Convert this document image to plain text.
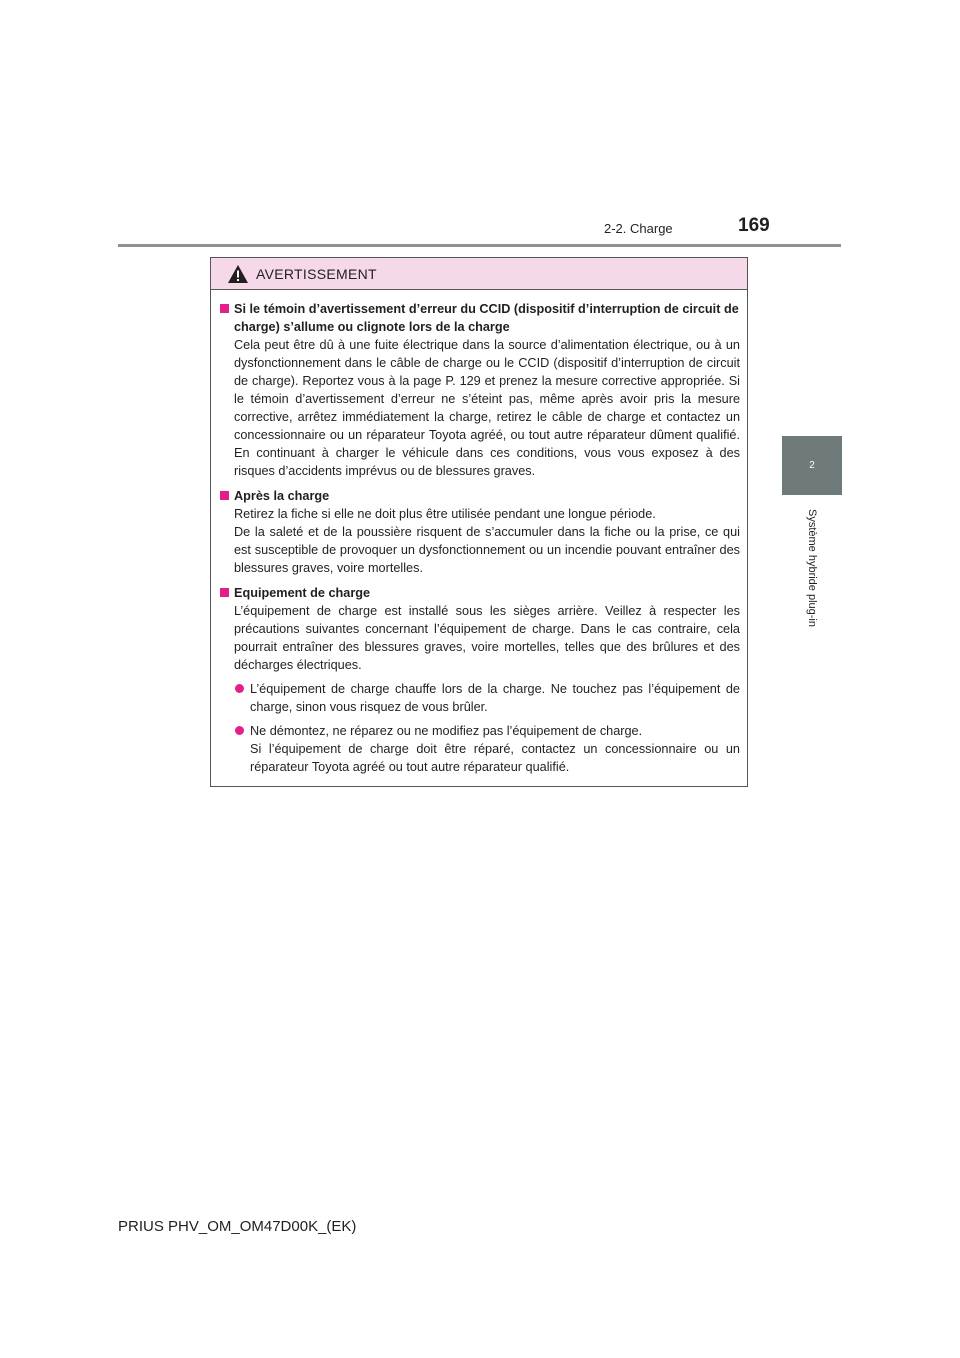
2-2. Charge	169
2
Système hybride plug-in
AVERTISSEMENT
Si le témoin d’avertissement d’erreur du CCID (dispositif d’interruption de circuit de charge) s’allume ou clignote lors de la charge

Cela peut être dû à une fuite électrique dans la source d’alimentation électrique, ou à un dysfonctionnement dans le câble de charge ou le CCID (dispositif d’interruption de circuit de charge). Reportez vous à la page P. 129 et prenez la mesure corrective appropriée. Si le témoin d’avertissement d’erreur ne s’éteint pas, même après avoir pris la mesure corrective, arrêtez immédiatement la charge, retirez le câble de charge et contactez un concessionnaire ou un réparateur Toyota agréé, ou tout autre réparateur dûment qualifié. En continuant à charger le véhicule dans ces conditions, vous vous exposez à des risques d’accidents imprévus ou de blessures graves.

Après la charge

Retirez la fiche si elle ne doit plus être utilisée pendant une longue période.

De la saleté et de la poussière risquent de s’accumuler dans la fiche ou la prise, ce qui est susceptible de provoquer un dysfonctionnement ou un incendie pouvant entraîner des blessures graves, voire mortelles.

Equipement de charge

L’équipement de charge est installé sous les sièges arrière. Veillez à respecter les précautions suivantes concernant l’équipement de charge. Dans le cas contraire, cela pourrait entraîner des blessures graves, voire mortelles, telles que des brûlures et des décharges électriques.

L’équipement de charge chauffe lors de la charge. Ne touchez pas l’équipement de charge, sinon vous risquez de vous brûler.

Ne démontez, ne réparez ou ne modifiez pas l’équipement de charge.

Si l’équipement de charge doit être réparé, contactez un concessionnaire ou un réparateur Toyota agréé ou tout autre réparateur qualifié.

PRIUS PHV_OM_OM47D00K_(EK)
